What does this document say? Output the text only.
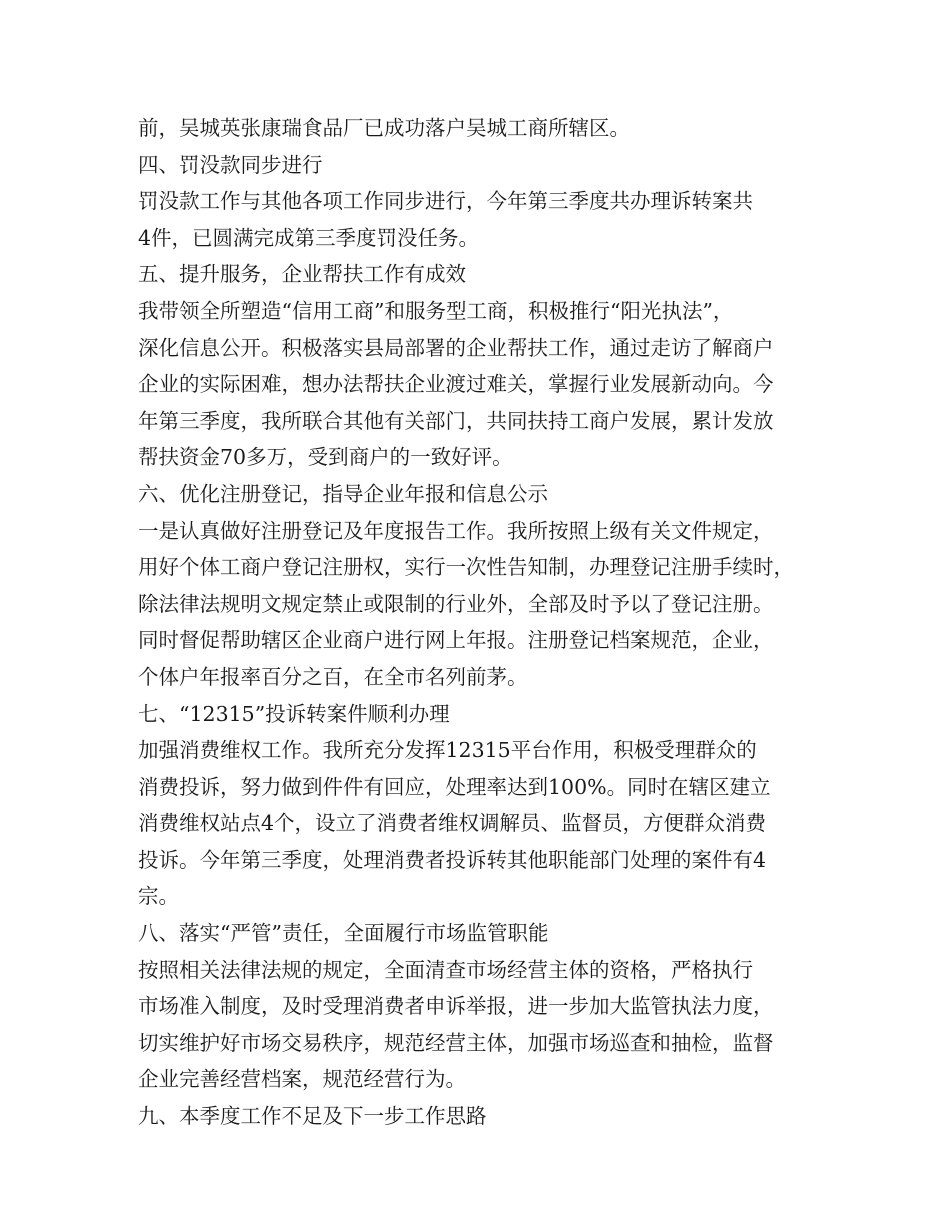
前，吴城英张康瑞食品厂已成功落户吴城工商所辖区。
四、罚没款同步进行
罚没款工作与其他各项工作同步进行，今年第三季度共办理诉转案共
4件，已圆满完成第三季度罚没任务。
五、提升服务，企业帮扶工作有成效
我带领全所塑造“信用工商”和服务型工商，积极推行“阳光执法”，
深化信息公开。积极落实县局部署的企业帮扶工作，通过走访了解商户
企业的实际困难，想办法帮扶企业渡过难关，掌握行业发展新动向。今
年第三季度，我所联合其他有关部门，共同扶持工商户发展，累计发放
帮扶资金70多万，受到商户的一致好评。
六、优化注册登记，指导企业年报和信息公示
一是认真做好注册登记及年度报告工作。我所按照上级有关文件规定，
用好个体工商户登记注册权，实行一次性告知制，办理登记注册手续时，
除法律法规明文规定禁止或限制的行业外，全部及时予以了登记注册。
同时督促帮助辖区企业商户进行网上年报。注册登记档案规范，企业，
个体户年报率百分之百，在全市名列前茅。
七、“12315”投诉转案件顺利办理
加强消费维权工作。我所充分发挥12315平台作用，积极受理群众的
消费投诉，努力做到件件有回应，处理率达到100%。同时在辖区建立
消费维权站点4个，设立了消费者维权调解员、监督员，方便群众消费
投诉。今年第三季度，处理消费者投诉转其他职能部门处理的案件有4
宗。
八、落实“严管”责任，全面履行市场监管职能
按照相关法律法规的规定，全面清查市场经营主体的资格，严格执行
市场准入制度，及时受理消费者申诉举报，进一步加大监管执法力度，
切实维护好市场交易秩序，规范经营主体，加强市场巡查和抽检，监督
企业完善经营档案，规范经营行为。
九、本季度工作不足及下一步工作思路
